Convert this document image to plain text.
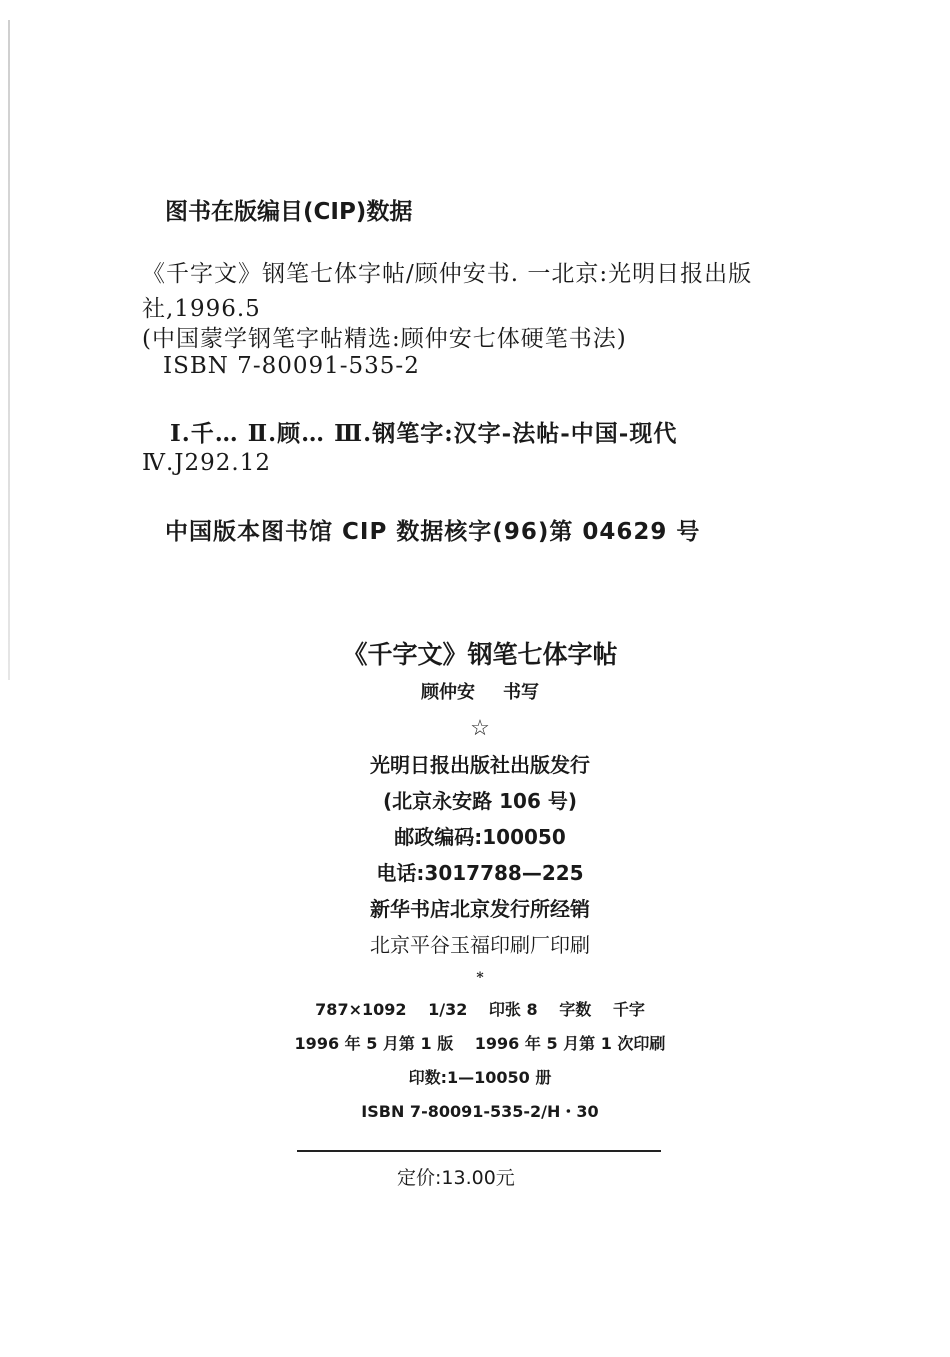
图书在版编目(CIP)数据
《千字文》钢笔七体字帖/顾仲安书. 一北京:光明日报出版
社,1996.5
(中国蒙学钢笔字帖精选:顾仲安七体硬笔书法)
ISBN 7-80091-535-2
Ⅰ.千… Ⅱ.顾… Ⅲ.钢笔字:汉字-法帖-中国-现代
Ⅳ.J292.12
中国版本图书馆 CIP 数据核字(96)第 04629 号
《千字文》钢笔七体字帖
顾仲安 书写
☆
光明日报出版社出版发行
(北京永安路 106 号)
邮政编码:100050
电话:3017788—225
新华书店北京发行所经销
北京平谷玉福印刷厂印刷
*
787×1092 1/32 印张 8 字数 千字
1996 年 5 月第 1 版 1996 年 5 月第 1 次印刷
印数:1—10050 册
ISBN 7-80091-535-2/H・30
定价:13.00元
